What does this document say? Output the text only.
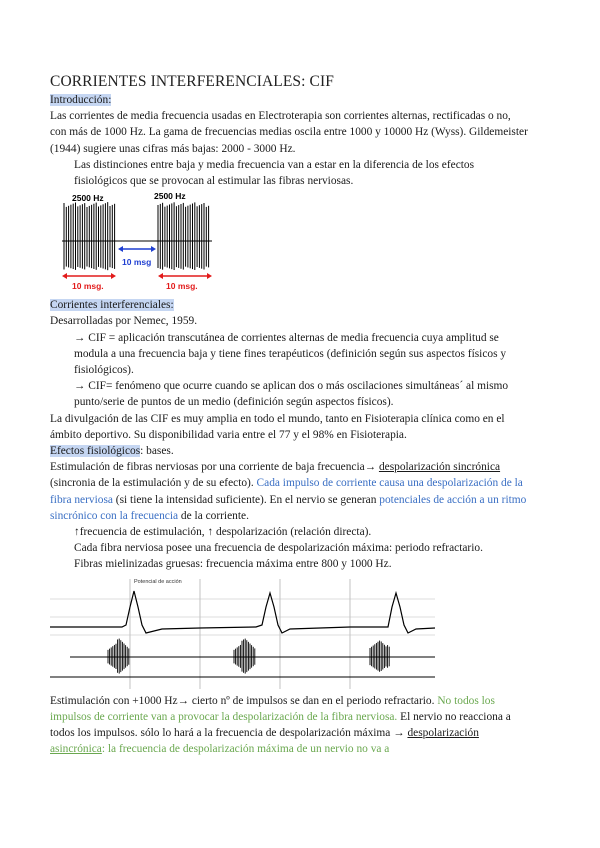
CORRIENTES INTERFERENCIALES: CIF

Introducción:

Las corrientes de media frecuencia usadas en Electroterapia son corrientes alternas, rectificadas o no, con más de 1000 Hz. La gama de frecuencias medias oscila entre 1000 y 10000 Hz (Wyss). Gildemeister (1944) sugiere unas cifras más bajas: 2000 - 3000 Hz.

Las distinciones entre baja y media frecuencia van a estar en la diferencia de los efectos fisiológicos que se provocan al estimular las fibras nerviosas.

2500 Hz	2500 Hz
10 msg
10 msg.	10 msg.

Corrientes interferenciales:

Desarrolladas por Nemec, 1959.

→ CIF = aplicación transcutánea de corrientes alternas de media frecuencia cuya amplitud se modula a una frecuencia baja y tiene fines terapéuticos (definición según sus aspectos físicos y fisiológicos).

→ CIF= fenómeno que ocurre cuando se aplican dos o más oscilaciones simultáneas´ al mismo punto/serie de puntos de un medio (definición según aspectos físicos).

La divulgación de las CIF es muy amplia en todo el mundo, tanto en Fisioterapia clínica como en el ámbito deportivo. Su disponibilidad varia entre el 77 y el 98% en Fisioterapia.

Efectos fisiológicos: bases.

Estimulación de fibras nerviosas por una corriente de baja frecuencia→ despolarización sincrónica (sincronia de la estimulación y de su efecto). Cada impulso de corriente causa una despolarización de la fibra nerviosa (si tiene la intensidad suficiente). En el nervio se generan potenciales de acción a un ritmo sincrónico con la frecuencia de la corriente.

↑frecuencia de estimulación, ↑ despolarización (relación directa).

Cada fibra nerviosa posee una frecuencia de despolarización máxima: periodo refractario.

Fibras mielinizadas gruesas: frecuencia máxima entre 800 y 1000 Hz.

Potencial de acción

Estimulación con +1000 Hz→ cierto nº de impulsos se dan en el periodo refractario. No todos los impulsos de corriente van a provocar la despolarización de la fibra nerviosa. El nervio no reacciona a todos los impulsos. sólo lo hará a la frecuencia de despolarización máxima → despolarización asincrónica: la frecuencia de despolarización máxima de un nervio no va a
